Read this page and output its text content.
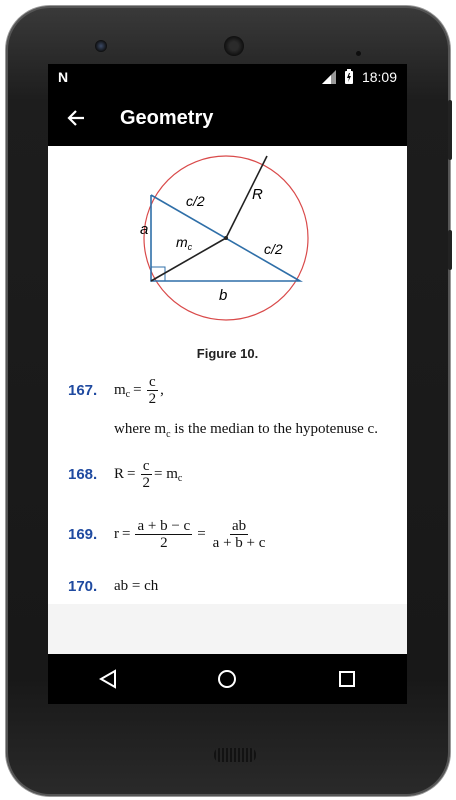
N	18:09
Geometry
c/2	R
a
$m_c$	c/2
b
Figure 10.
167.	m $c = \frac{c}{2}$ ,
where $m_c$ is the median to the hypotenuse c.
168.	$R = \frac{c}{2} = m$ c
169.	$r = \frac{a + b - c}{2} = \frac{ab}{a + b + c}$
170.	ab = ch
